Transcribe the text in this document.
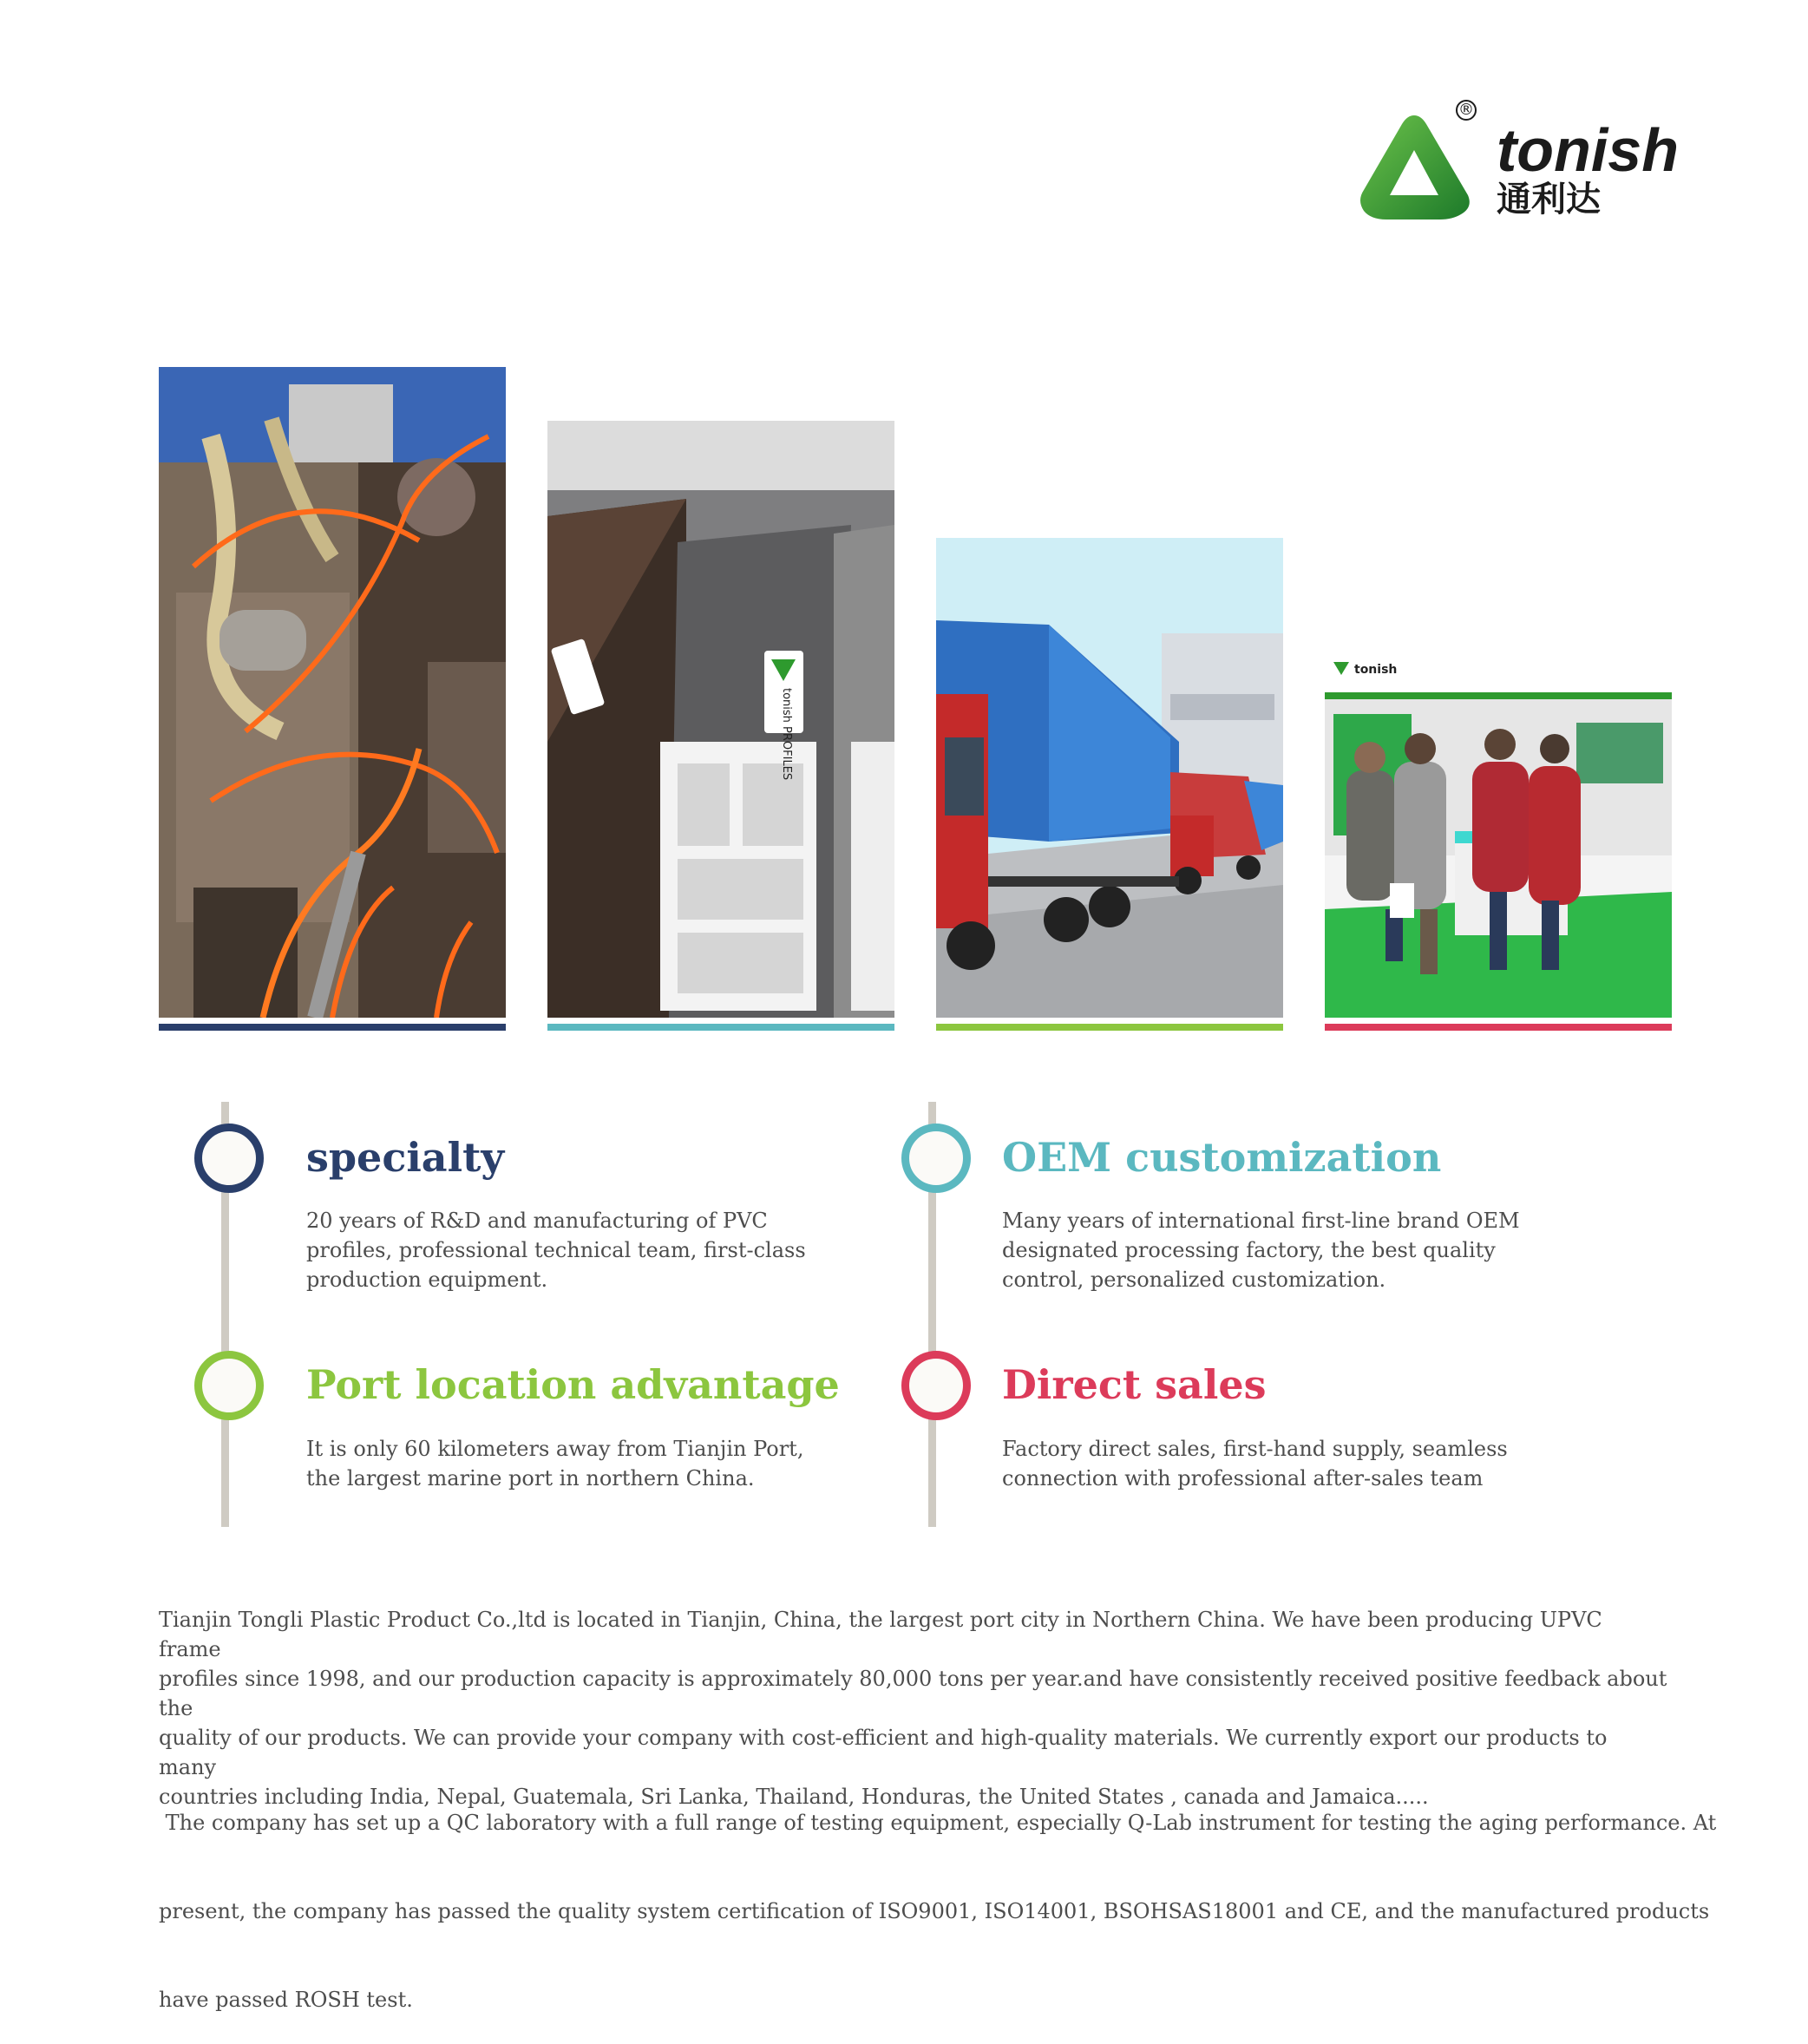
®
tonish
通利达
tonish PROFILES
tonish
specialty
20 years of R&D and manufacturing of PVC
profiles, professional technical team, first-class
production equipment.
OEM customization
Many years of international first-line brand OEM
designated processing factory, the best quality
control, personalized customization.
Port location advantage
It is only 60 kilometers away from Tianjin Port,
the largest marine port in northern China.
Direct sales
Factory direct sales, first-hand supply, seamless
connection with professional after-sales team
Tianjin Tongli Plastic Product Co.,ltd is located in Tianjin, China, the largest port city in Northern China. We have been producing UPVC frame
profiles since 1998, and our production capacity is approximately 80,000 tons per year.and have consistently received positive feedback about the
quality of our products. We can provide your company with cost-efficient and high-quality materials. We currently export our products to many
countries including India, Nepal, Guatemala, Sri Lanka, Thailand, Honduras, the United States , canada and Jamaica.....

The company has set up a QC laboratory with a full range of testing equipment, especially Q-Lab instrument for testing the aging performance. At

present, the company has passed the quality system certification of ISO9001, ISO14001, BSOHSAS18001 and CE, and the manufactured products

have passed ROSH test.
